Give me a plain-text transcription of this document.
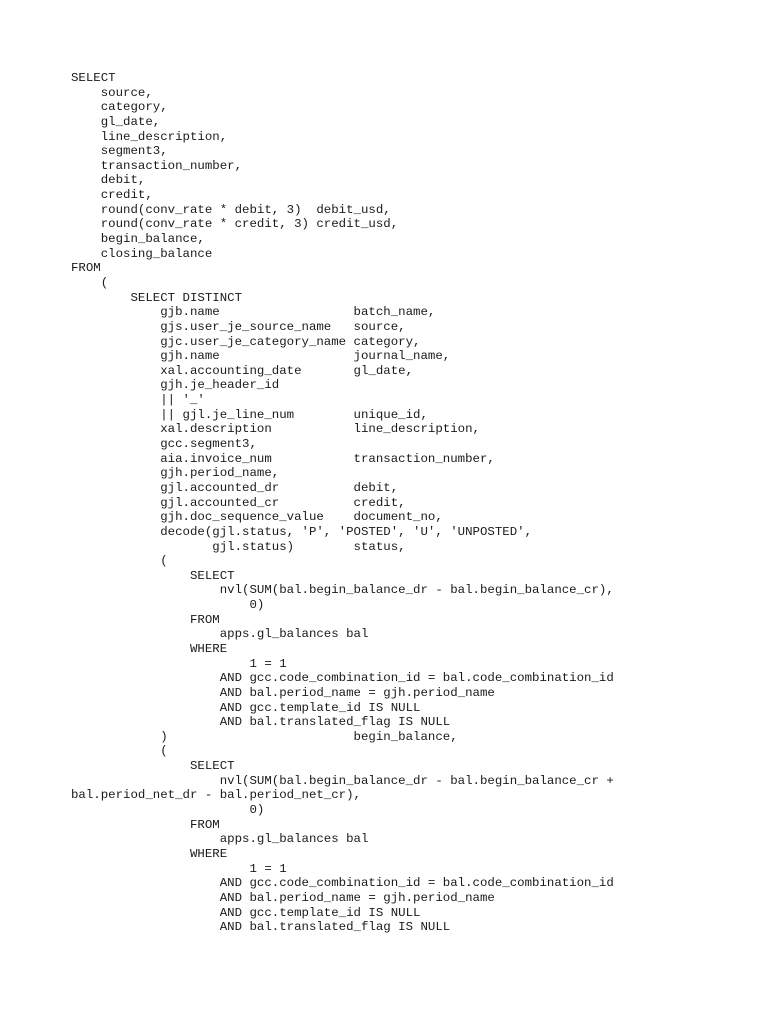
SELECT
source,
category,
gl_date,
line_description,
segment3,
transaction_number,
debit,
credit,
round(conv_rate * debit, 3)  debit_usd,
round(conv_rate * credit, 3) credit_usd,
begin_balance,
closing_balance
FROM
(
SELECT DISTINCT
gjb.name                  batch_name,
gjs.user_je_source_name   source,
gjc.user_je_category_name category,
gjh.name                  journal_name,
xal.accounting_date       gl_date,
gjh.je_header_id
|| '_'
|| gjl.je_line_num        unique_id,
xal.description           line_description,
gcc.segment3,
aia.invoice_num           transaction_number,
gjh.period_name,
gjl.accounted_dr          debit,
gjl.accounted_cr          credit,
gjh.doc_sequence_value    document_no,
decode(gjl.status, 'P', 'POSTED', 'U', 'UNPOSTED',
gjl.status)        status,
(
SELECT
nvl(SUM(bal.begin_balance_dr - bal.begin_balance_cr),
0)
FROM
apps.gl_balances bal
WHERE
1 = 1
AND gcc.code_combination_id = bal.code_combination_id
AND bal.period_name = gjh.period_name
AND gcc.template_id IS NULL
AND bal.translated_flag IS NULL
)                         begin_balance,
(
SELECT
nvl(SUM(bal.begin_balance_dr - bal.begin_balance_cr +
bal.period_net_dr - bal.period_net_cr),
0)
FROM
apps.gl_balances bal
WHERE
1 = 1
AND gcc.code_combination_id = bal.code_combination_id
AND bal.period_name = gjh.period_name
AND gcc.template_id IS NULL
AND bal.translated_flag IS NULL
